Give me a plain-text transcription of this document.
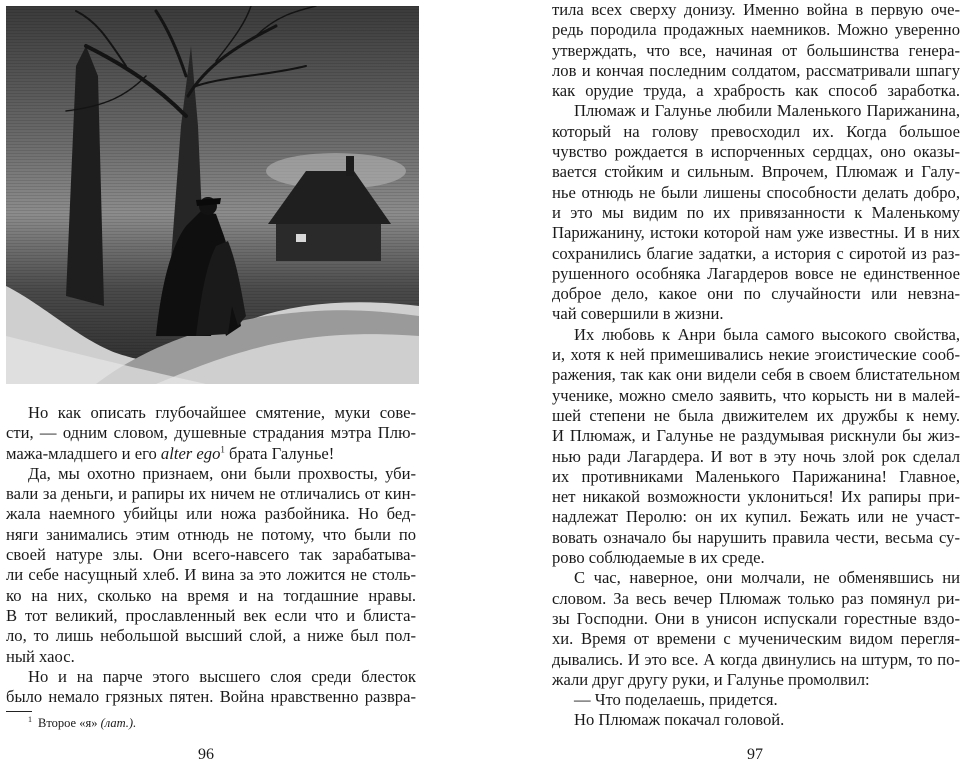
Но как описать глубочайшее смятение, муки сове-
сти, — одним словом, душевные страдания мэтра Плю-
мажа-младшего и его alter ego$^1$ брата Галунье!
Да, мы охотно признаем, они были прохвосты, уби-
вали за деньги, и рапиры их ничем не отличались от кин-
жала наемного убийцы или ножа разбойника. Но бед-
няги занимались этим отнюдь не потому, что были по
своей натуре злы. Они всего-навсего так зарабатыва-
ли себе насущный хлеб. И вина за это ложится не столь-
ко на них, сколько на время и на тогдашние нравы.
В тот великий, прославленный век если что и блиста-
ло, то лишь небольшой высший слой, а ниже был пол-
ный хаос.
Но и на парче этого высшего слоя среди блесток
было немало грязных пятен. Война нравственно развра-
$^1$ Второе «я» (лат.).
96
тила всех сверху донизу. Именно война в первую оче-
редь породила продажных наемников. Можно уверенно
утверждать, что все, начиная от большинства генера-
лов и кончая последним солдатом, рассматривали шпагу
как орудие труда, а храбрость как способ заработка.
Плюмаж и Галунье любили Маленького Парижанина,
который на голову превосходил их. Когда большое
чувство рождается в испорченных сердцах, оно оказы-
вается стойким и сильным. Впрочем, Плюмаж и Галу-
нье отнюдь не были лишены способности делать добро,
и это мы видим по их привязанности к Маленькому
Парижанину, истоки которой нам уже известны. И в них
сохранились благие задатки, а история с сиротой из раз-
рушенного особняка Лагардеров вовсе не единственное
доброе дело, какое они по случайности или невзна-
чай совершили в жизни.
Их любовь к Анри была самого высокого свойства,
и, хотя к ней примешивались некие эгоистические сооб-
ражения, так как они видели себя в своем блистательном
ученике, можно смело заявить, что корысть ни в малей-
шей степени не была движителем их дружбы к нему.
И Плюмаж, и Галунье не раздумывая рискнули бы жиз-
нью ради Лагардера. И вот в эту ночь злой рок сделал
их противниками Маленького Парижанина! Главное,
нет никакой возможности уклониться! Их рапиры при-
надлежат Перолю: он их купил. Бежать или не участ-
вовать означало бы нарушить правила чести, весьма су-
рово соблюдаемые в их среде.
С час, наверное, они молчали, не обменявшись ни
словом. За весь вечер Плюмаж только раз помянул ри-
зы Господни. Они в унисон испускали горестные вздо-
хи. Время от времени с мученическим видом перегля-
дывались. И это все. А когда двинулись на штурм, то по-
жали друг другу руки, и Галунье промолвил:
— Что поделаешь, придется.
Но Плюмаж покачал головой.
97
